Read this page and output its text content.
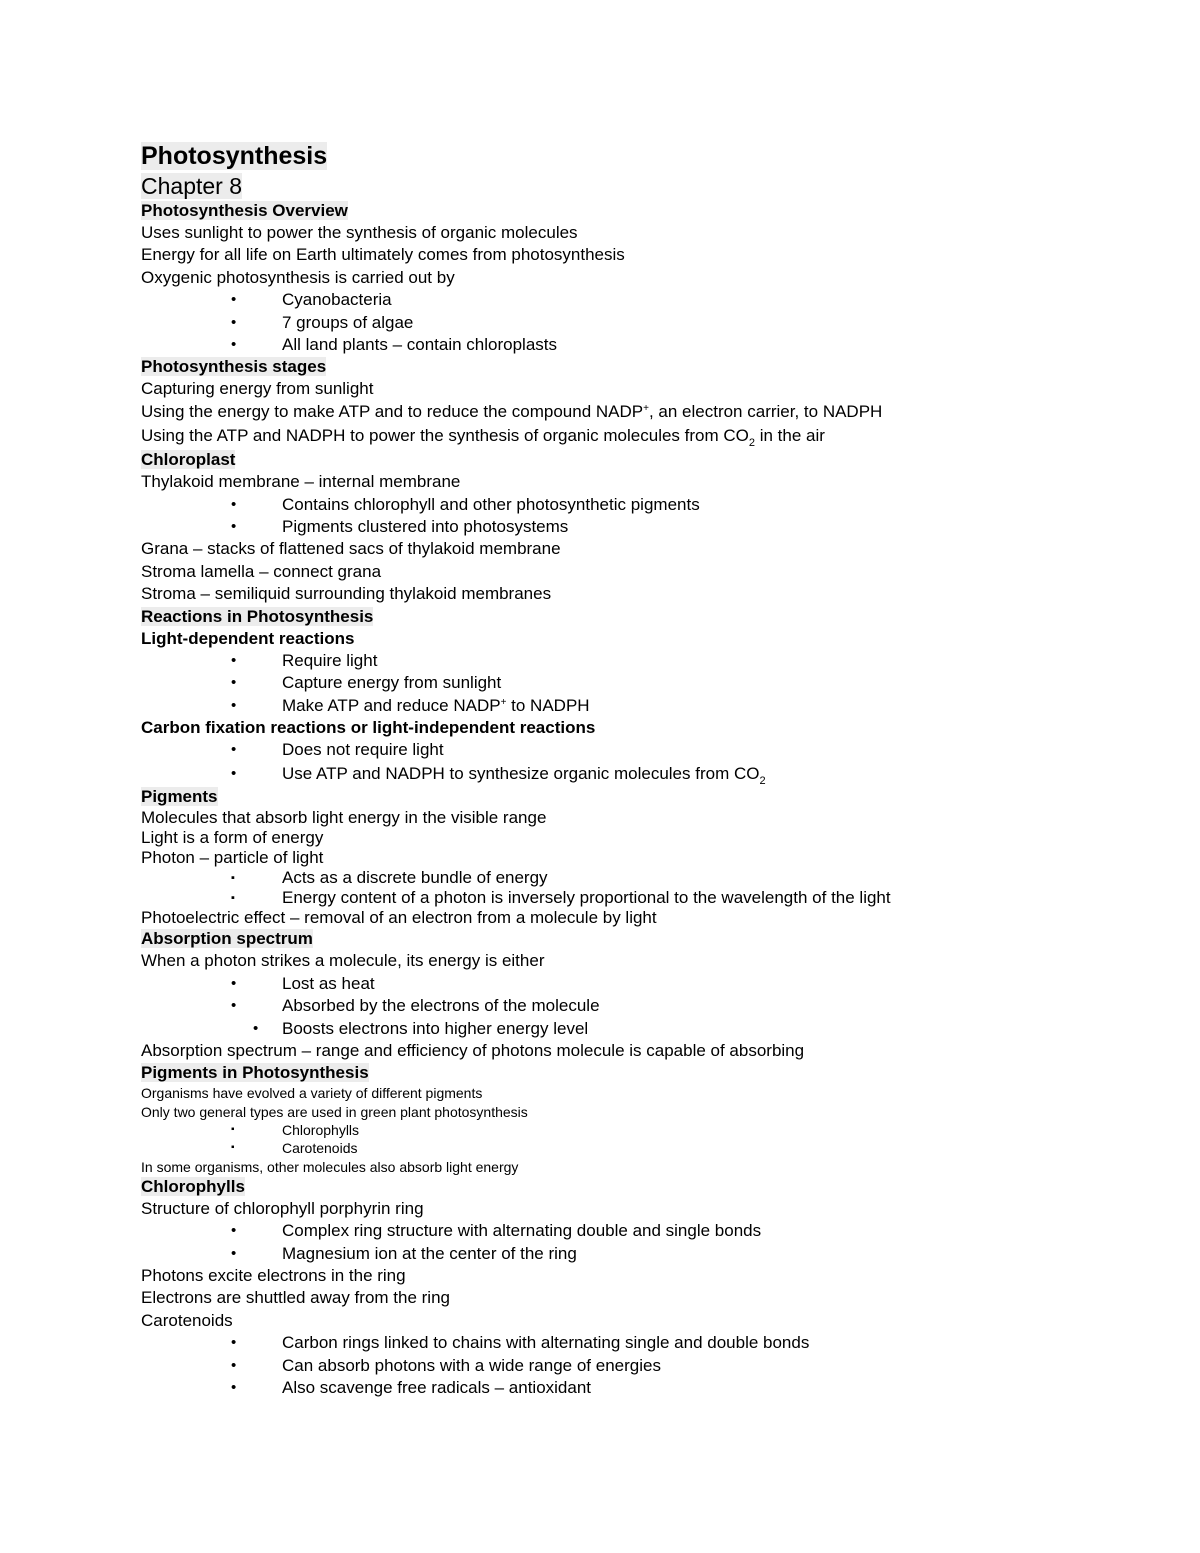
Photosynthesis
Chapter 8
Photosynthesis Overview
Uses sunlight to power the synthesis of organic molecules
Energy for all life on Earth ultimately comes from photosynthesis
Oxygenic photosynthesis is carried out by
• Cyanobacteria
• 7 groups of algae
• All land plants – contain chloroplasts
Photosynthesis stages
Capturing energy from sunlight
Using the energy to make ATP and to reduce the compound NADP+, an electron carrier, to NADPH
Using the ATP and NADPH to power the synthesis of organic molecules from $CO_2$ in the air
Chloroplast
Thylakoid membrane – internal membrane
• Contains chlorophyll and other photosynthetic pigments
• Pigments clustered into photosystems
Grana – stacks of flattened sacs of thylakoid membrane
Stroma lamella – connect grana
Stroma – semiliquid surrounding thylakoid membranes
Reactions in Photosynthesis
Light-dependent reactions
• Require light
• Capture energy from sunlight
• Make ATP and reduce NADP+ to NADPH
Carbon fixation reactions or light-independent reactions
• Does not require light
• Use ATP and NADPH to synthesize organic molecules from $CO_2$
Pigments
Molecules that absorb light energy in the visible range
Light is a form of energy
Photon – particle of light
▪ Acts as a discrete bundle of energy
▪ Energy content of a photon is inversely proportional to the wavelength of the light
Photoelectric effect – removal of an electron from a molecule by light
Absorption spectrum
When a photon strikes a molecule, its energy is either
• Lost as heat
• Absorbed by the electrons of the molecule
• Boosts electrons into higher energy level
Absorption spectrum – range and efficiency of photons molecule is capable of absorbing
Pigments in Photosynthesis
Organisms have evolved a variety of different pigments
Only two general types are used in green plant photosynthesis
▪ Chlorophylls
▪ Carotenoids
In some organisms, other molecules also absorb light energy
Chlorophylls
Structure of chlorophyll porphyrin ring
• Complex ring structure with alternating double and single bonds
• Magnesium ion at the center of the ring
Photons excite electrons in the ring
Electrons are shuttled away from the ring
Carotenoids
• Carbon rings linked to chains with alternating single and double bonds
• Can absorb photons with a wide range of energies
• Also scavenge free radicals – antioxidant
